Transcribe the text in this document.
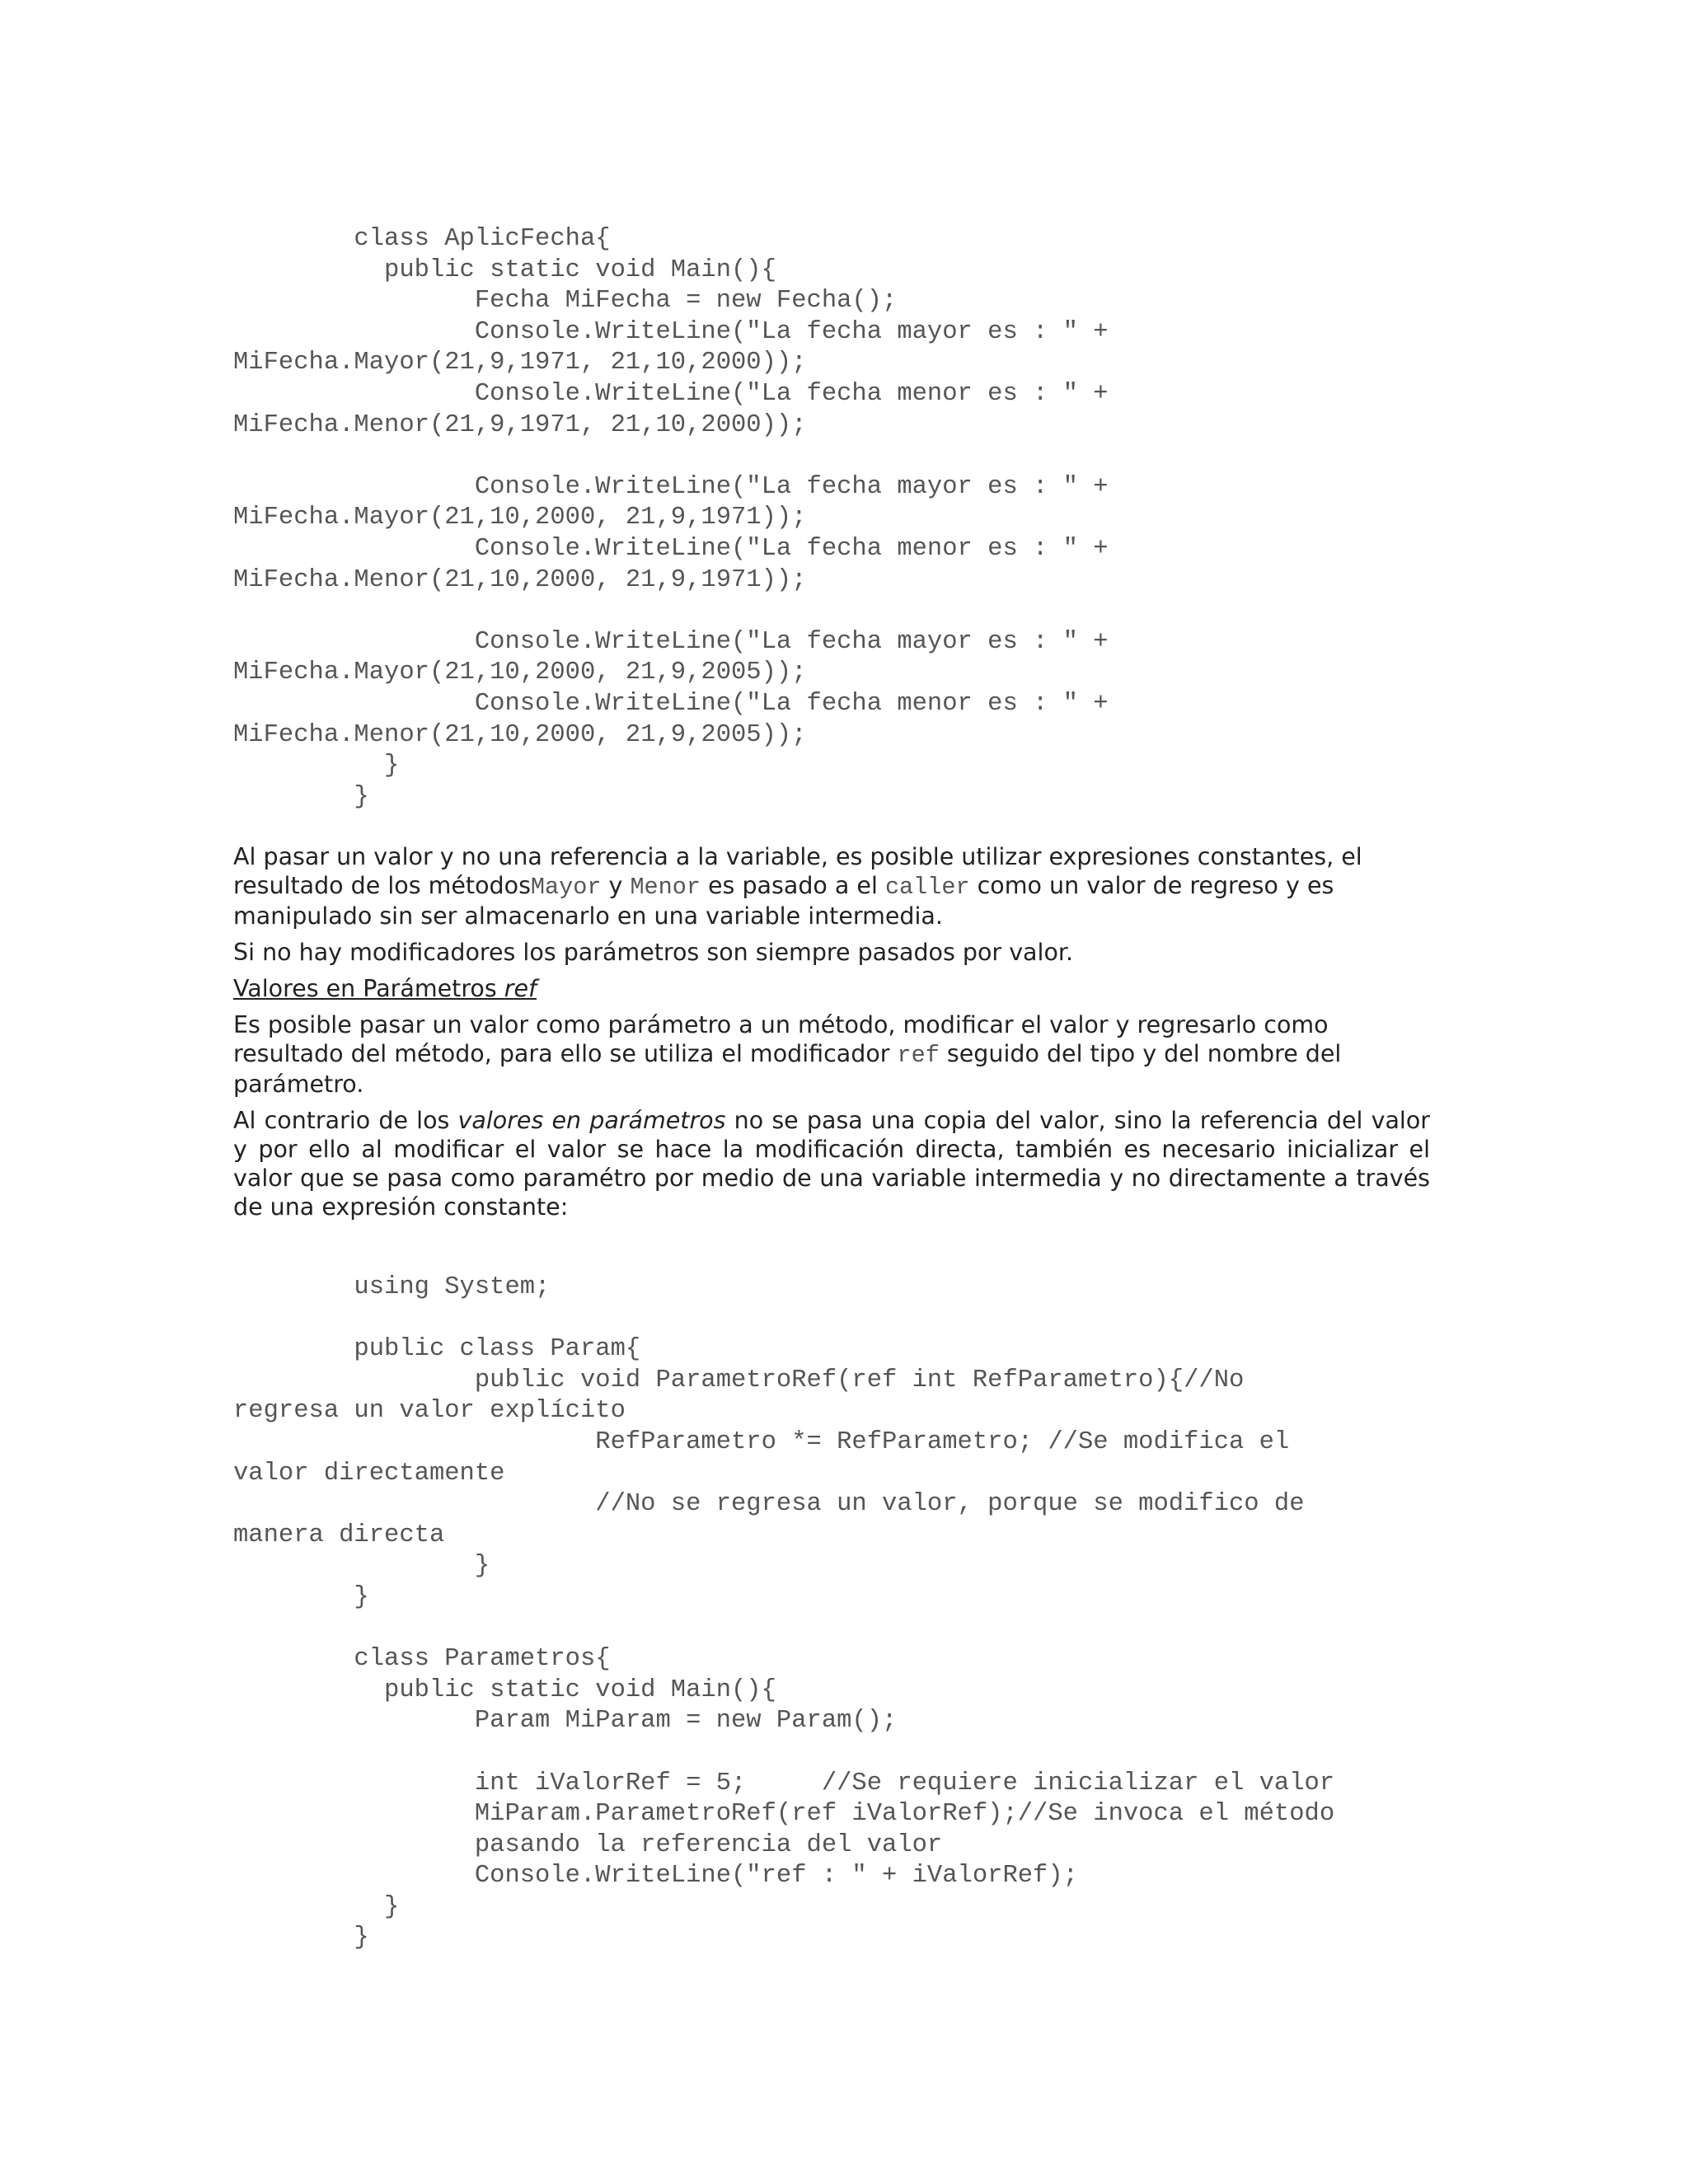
class AplicFecha{
public static void Main(){
Fecha MiFecha = new Fecha();
Console.WriteLine("La fecha mayor es : " +
MiFecha.Mayor(21,9,1971, 21,10,2000));
Console.WriteLine("La fecha menor es : " +
MiFecha.Menor(21,9,1971, 21,10,2000));

Console.WriteLine("La fecha mayor es : " +
MiFecha.Mayor(21,10,2000, 21,9,1971));
Console.WriteLine("La fecha menor es : " +
MiFecha.Menor(21,10,2000, 21,9,1971));

Console.WriteLine("La fecha mayor es : " +
MiFecha.Mayor(21,10,2000, 21,9,2005));
Console.WriteLine("La fecha menor es : " +
MiFecha.Menor(21,10,2000, 21,9,2005));
}
}

Al pasar un valor y no una referencia a la variable, es posible utilizar expresiones constantes, el resultado de los métodosMayor y Menor es pasado a el caller como un valor de regreso y es manipulado sin ser almacenarlo en una variable intermedia.

Si no hay modificadores los parámetros son siempre pasados por valor.

Valores en Parámetros ref

Es posible pasar un valor como parámetro a un método, modificar el valor y regresarlo como resultado del método, para ello se utiliza el modificador ref seguido del tipo y del nombre del parámetro.

Al contrario de los valores en parámetros no se pasa una copia del valor, sino la referencia del valor y por ello al modificar el valor se hace la modificación directa, también es necesario inicializar el valor que se pasa como paramétro por medio de una variable intermedia y no directamente a través de una expresión constante:

using System;

public class Param{
public void ParametroRef(ref int RefParametro){//No
regresa un valor explícito
RefParametro *= RefParametro; //Se modifica el
valor directamente
//No se regresa un valor, porque se modifico de
manera directa
}
}

class Parametros{
public static void Main(){
Param MiParam = new Param();

int iValorRef = 5;     //Se requiere inicializar el valor
MiParam.ParametroRef(ref iValorRef);//Se invoca el método
pasando la referencia del valor
Console.WriteLine("ref : " + iValorRef);
}
}
